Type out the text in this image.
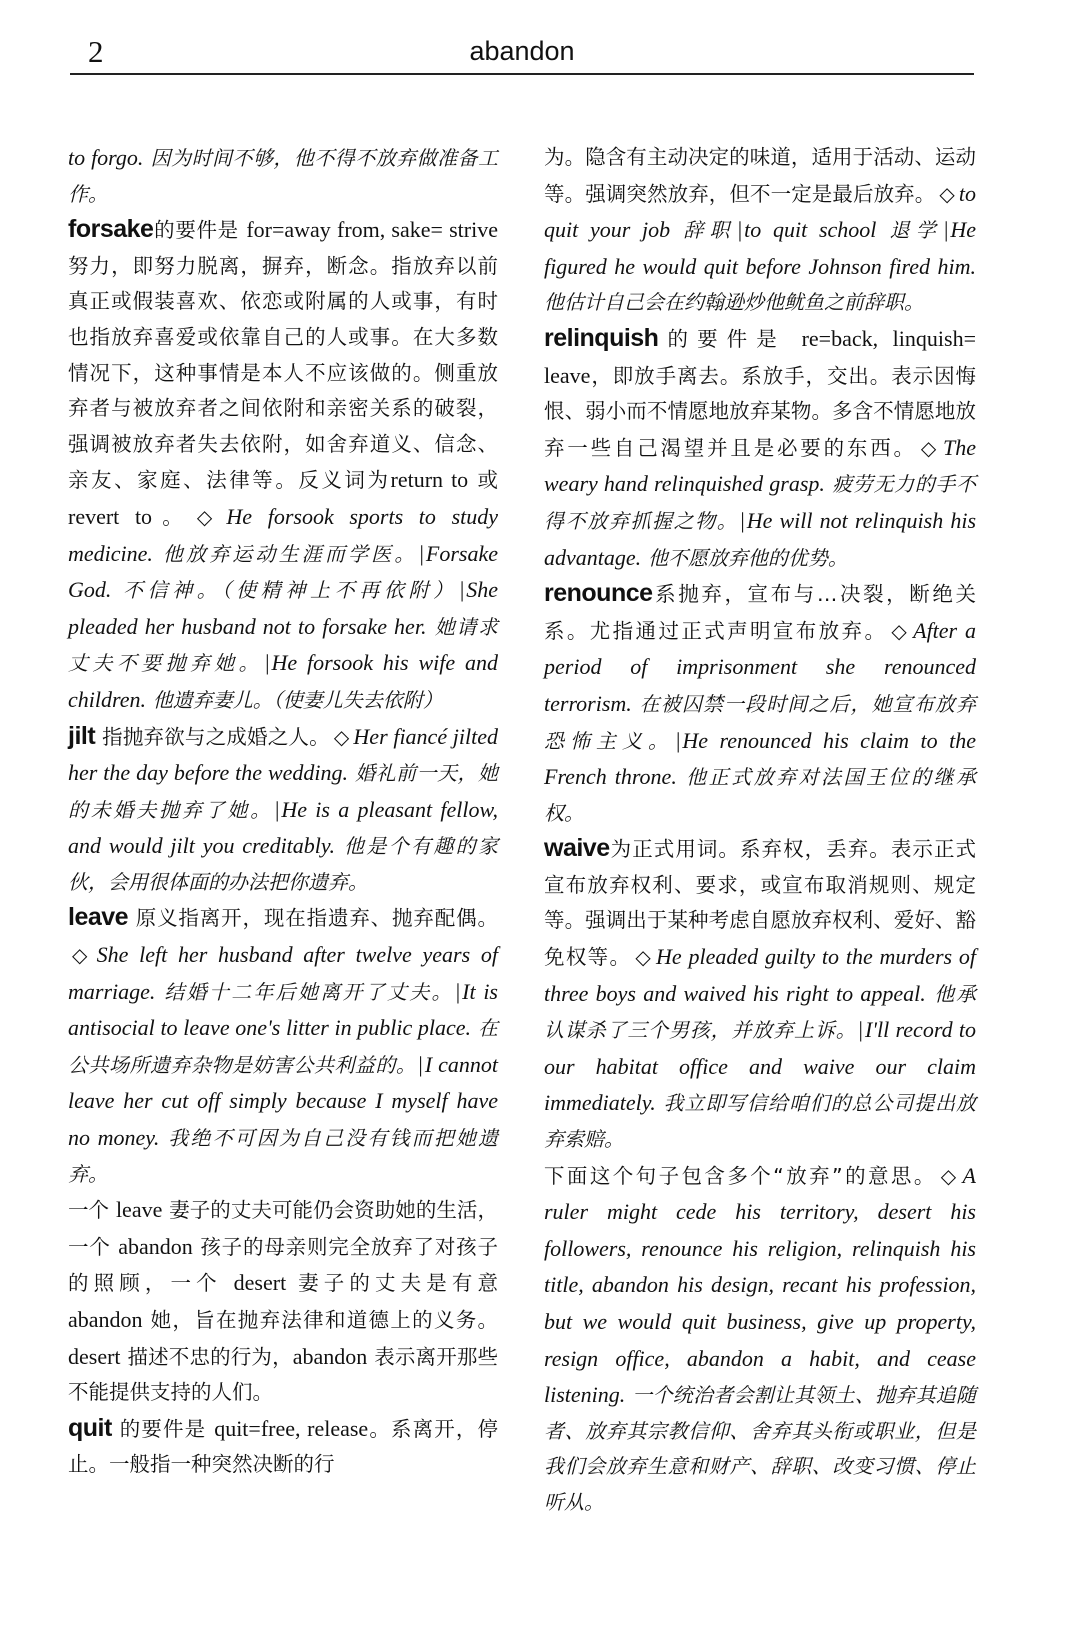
2	abandon

to forgo. 因为时间不够，他不得不放弃做准备工作。

forsake的要件是 for=away from, sake= strive 努力，即努力脱离，摒弃，断念。指放弃以前真正或假装喜欢、依恋或附属的人或事，有时也指放弃喜爱或依靠自己的人或事。在大多数情况下，这种事情是本人不应该做的。侧重放弃者与被放弃者之间依附和亲密关系的破裂，强调被放弃者失去依附，如舍弃道义、信念、亲友、家庭、法律等。反义词为return to 或 revert to。 ◇ He forsook sports to study medicine. 他放弃运动生涯而学医。|Forsake God. 不信神。（使精神上不再依附）|She pleaded her husband not to forsake her. 她请求丈夫不要抛弃她。|He forsook his wife and children. 他遗弃妻儿。（使妻儿失去依附）

jilt 指抛弃欲与之成婚之人。 ◇ Her fiancé jilted her the day before the wedding. 婚礼前一天，她的未婚夫抛弃了她。|He is a pleasant fellow, and would jilt you creditably. 他是个有趣的家伙，会用很体面的办法把你遗弃。

leave 原义指离开，现在指遗弃、抛弃配偶。◇ She left her husband after twelve years of marriage. 结婚十二年后她离开了丈夫。|It is antisocial to leave one's litter in public place. 在公共场所遗弃杂物是妨害公共利益的。|I cannot leave her cut off simply because I myself have no money. 我绝不可因为自己没有钱而把她遗弃。

一个 leave 妻子的丈夫可能仍会资助她的生活，一个 abandon 孩子的母亲则完全放弃了对孩子的照顾，一个 desert 妻子的丈夫是有意 abandon 她，旨在抛弃法律和道德上的义务。desert 描述不忠的行为，abandon 表示离开那些不能提供支持的人们。

quit 的要件是 quit=free, release。系离开，停止。一般指一种突然决断的行

为。隐含有主动决定的味道，适用于活动、运动等。强调突然放弃，但不一定是最后放弃。 ◇ to quit your job 辞职|to quit school 退学|He figured he would quit before Johnson fired him. 他估计自己会在约翰逊炒他鱿鱼之前辞职。

relinquish的要件是 re=back, linquish= leave，即放手离去。系放手，交出。表示因悔恨、弱小而不情愿地放弃某物。多含不情愿地放弃一些自己渴望并且是必要的东西。 ◇ The weary hand relinquished grasp. 疲劳无力的手不得不放弃抓握之物。|He will not relinquish his advantage. 他不愿放弃他的优势。

renounce系抛弃，宣布与…决裂，断绝关系。尤指通过正式声明宣布放弃。 ◇ After a period of imprisonment she renounced terrorism. 在被囚禁一段时间之后，她宣布放弃恐怖主义。|He renounced his claim to the French throne. 他正式放弃对法国王位的继承权。

waive为正式用词。系弃权，丢弃。表示正式宣布放弃权利、要求，或宣布取消规则、规定等。强调出于某种考虑自愿放弃权利、爱好、豁免权等。 ◇ He pleaded guilty to the murders of three boys and waived his right to appeal. 他承认谋杀了三个男孩，并放弃上诉。|I'll record to our habitat office and waive our claim immediately. 我立即写信给咱们的总公司提出放弃索赔。

下面这个句子包含多个“放弃”的意思。 ◇ A ruler might cede his territory, desert his followers, renounce his religion, relinquish his title, abandon his design, recant his profession, but we would quit business, give up property, resign office, abandon a habit, and cease listening. 一个统治者会割让其领土、抛弃其追随者、放弃其宗教信仰、舍弃其头衔或职业，但是我们会放弃生意和财产、辞职、改变习惯、停止听从。
